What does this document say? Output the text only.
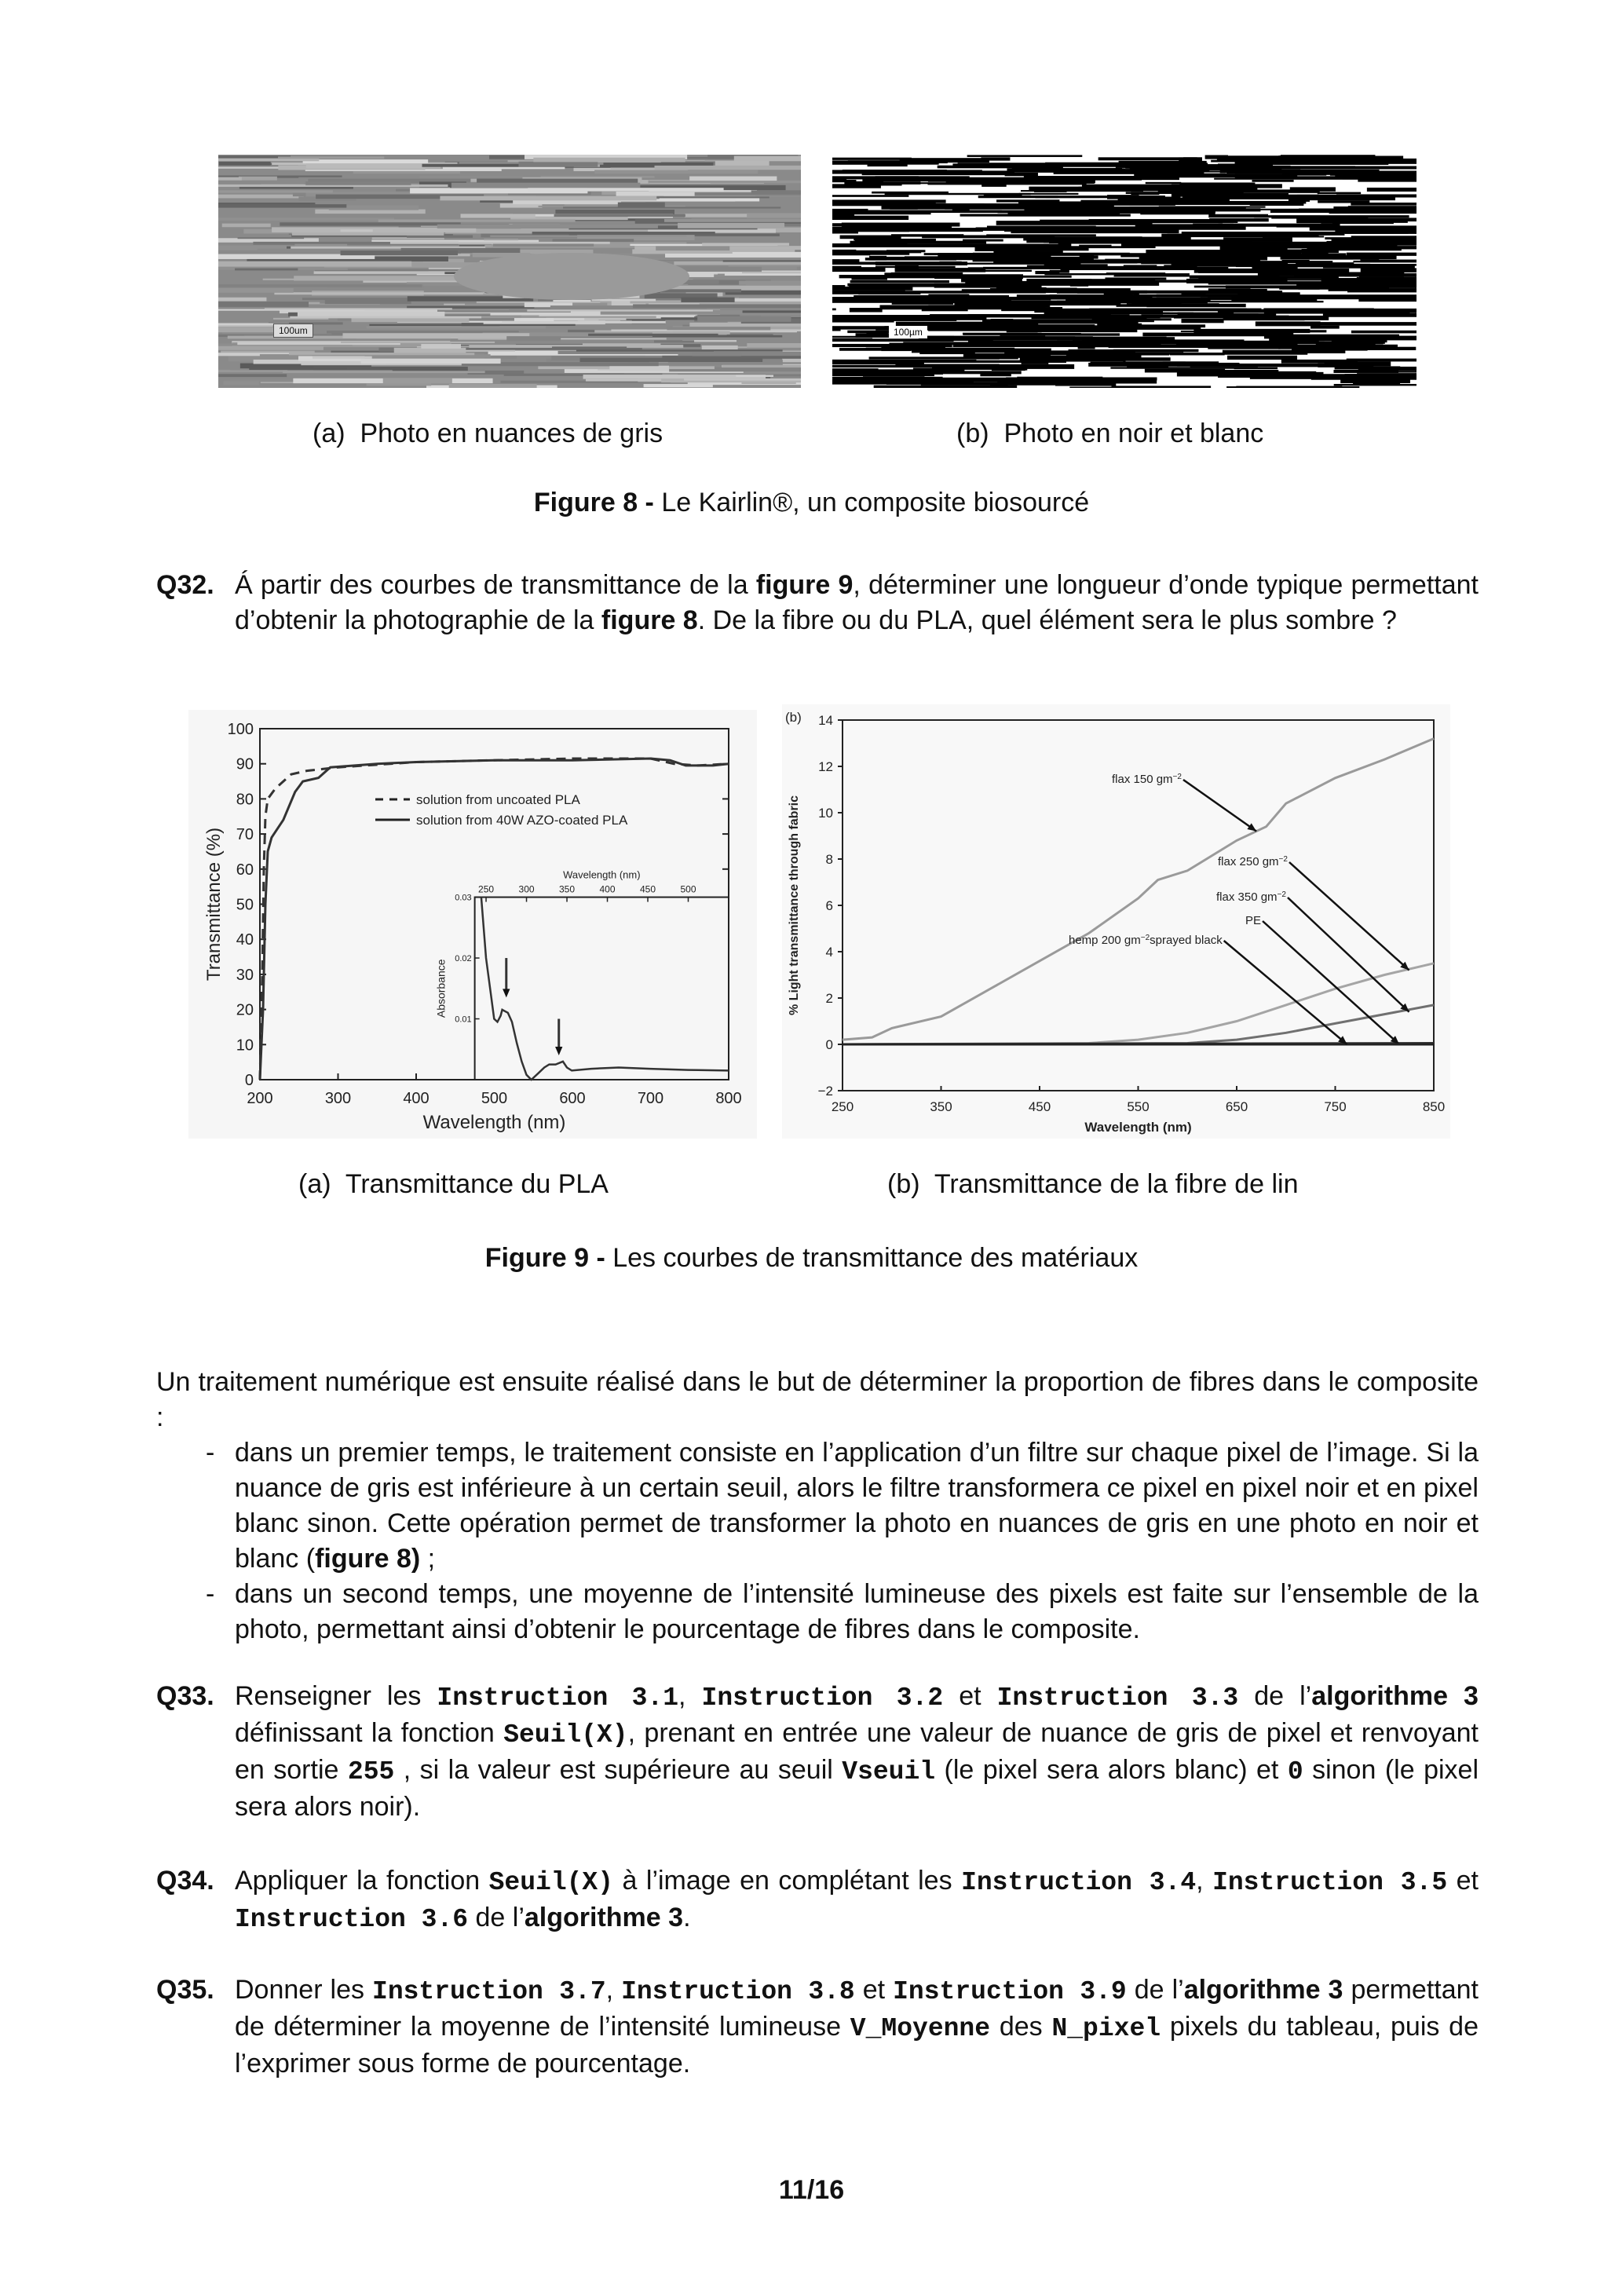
100um	100µm
(a) Photo en nuances de gris	(b) Photo en noir et blanc
Figure 8 - Le Kairlin®, un composite biosourcé
Q32. Á partir des courbes de transmittance de la figure 9, déterminer une longueur d’onde typique permettant d’obtenir la photographie de la figure 8. De la fibre ou du PLA, quel élément sera le plus sombre ?
200	300	400	500	600	700	800
0
10
20
30
40
50
60
70
80
90
100
Wavelength (nm)
Transmittance (%)
solution from uncoated PLA
solution from 40W AZO-coated PLA
250	300	350	400	450	500
0.01
0.02
0.03
Wavelength (nm)
Absorbance
(b)
250	350	450	550	650	750	850
−2
0
2
4
6
8
10
12
14
Wavelength (nm)
% Light transmittance through fabric
flax 150 $gm^{-2}$
flax 250 $gm^{-2}$
flax 350 $gm^{-2}$
PE
hemp 200 $gm^{-2}sprayed$ black
(a) Transmittance du PLA	(b) Transmittance de la fibre de lin
Figure 9 - Les courbes de transmittance des matériaux
Un traitement numérique est ensuite réalisé dans le but de déterminer la proportion de fibres dans le composite :
- dans un premier temps, le traitement consiste en l’application d’un filtre sur chaque pixel de l’image. Si la nuance de gris est inférieure à un certain seuil, alors le filtre transformera ce pixel en pixel noir et en pixel blanc sinon. Cette opération permet de transformer la photo en nuances de gris en une photo en noir et blanc (figure 8) ;
- dans un second temps, une moyenne de l’intensité lumineuse des pixels est faite sur l’ensemble de la photo, permettant ainsi d’obtenir le pourcentage de fibres dans le composite.
Q33. Renseigner les Instruction 3.1, Instruction 3.2 et Instruction 3.3 de l’algorithme 3 définissant la fonction Seuil(X), prenant en entrée une valeur de nuance de gris de pixel et renvoyant en sortie 255 , si la valeur est supérieure au seuil Vseuil (le pixel sera alors blanc) et 0 sinon (le pixel sera alors noir).
Q34. Appliquer la fonction Seuil(X) à l’image en complétant les Instruction 3.4, Instruction 3.5 et Instruction 3.6 de l’algorithme 3.
Q35. Donner les Instruction 3.7, Instruction 3.8 et Instruction 3.9 de l’algorithme 3 permettant de déterminer la moyenne de l’intensité lumineuse V_Moyenne des N_pixel pixels du tableau, puis de l’exprimer sous forme de pourcentage.
11/16
